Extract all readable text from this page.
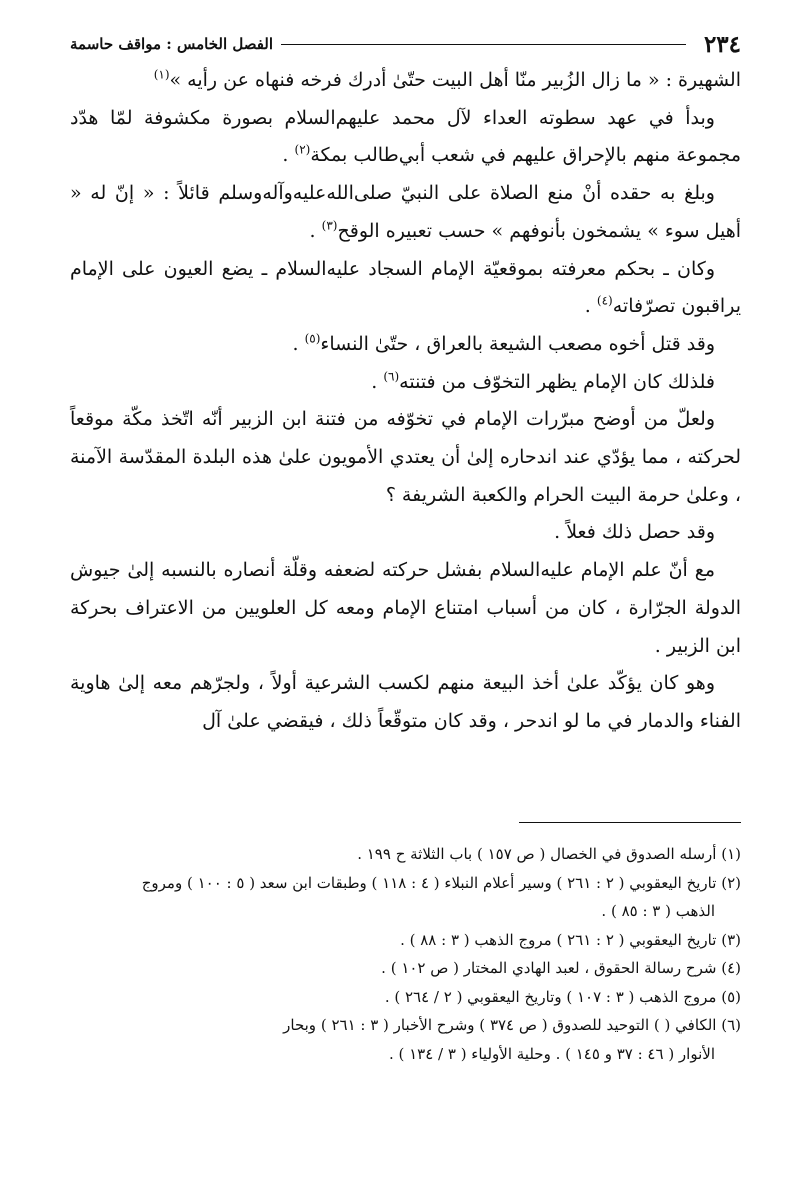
٢٣٤
الفصل الخامس : مواقف حاسمة

الشهيرة : « ما زال الزُبير منّا أهل البيت حتّىٰ أدرك فرخه فنهاه عن رأيه »$^{(١)}$

وبدأ في عهد سطوته العداء لآل محمد عليهم‌السلام بصورة مكشوفة لمّا هدّد مجموعة منهم بالإحراق عليهم في شعب أبي‌طالب بمكة$^{(٢)}$ .

وبلغ به حقده أنْ منع الصلاة على النبيّ صلى‌الله‌عليه‌وآله‌وسلم قائلاً : « إنّ له « أهيل سوء » يشمخون بأنوفهم » حسب تعبيره الوقح$^{(٣)}$ .

وكان ـ بحكم معرفته بموقعيّة الإمام السجاد عليه‌السلام ـ يضع العيون على الإمام يراقبون تصرّفاته$^{(٤)}$ .

وقد قتل أخوه مصعب الشيعة بالعراق ، حتّىٰ النساء$^{(٥)}$ .

فلذلك كان الإمام يظهر التخوّف من فتنته$^{(٦)}$ .

ولعلّ من أوضح مبرّرات الإمام في تخوّفه من فتنة ابن الزبير أنّه اتّخذ مكّة موقعاً لحركته ، مما يؤدّي عند اندحاره إلىٰ أن يعتدي الأمويون علىٰ هذه البلدة المقدّسة الآمنة ، وعلىٰ حرمة البيت الحرام والكعبة الشريفة ؟

وقد حصل ذلك فعلاً .

مع أنّ علم الإمام عليه‌السلام بفشل حركته لضعفه وقلّة أنصاره بالنسبه إلىٰ جيوش الدولة الجرّارة ، كان من أسباب امتناع الإمام ومعه كل العلويين من الاعتراف بحركة ابن الزبير .

وهو كان يؤكّد علىٰ أخذ البيعة منهم لكسب الشرعية أولاً ، ولجرّهم معه إلىٰ هاوية الفناء والدمار في ما لو اندحر ، وقد كان متوقّعاً ذلك ، فيقضي علىٰ آل

(١) أرسله الصدوق في الخصال ( ص ١٥٧ ) باب الثلاثة ح ١٩٩ .

(٢) تاريخ اليعقوبي ( ٢ : ٢٦١ ) وسير أعلام النبلاء ( ٤ : ١١٨ ) وطبقات ابن سعد ( ٥ : ١٠٠ ) ومروج

الذهب ( ٣ : ٨٥ ) .

(٣) تاريخ اليعقوبي ( ٢ : ٢٦١ ) مروج الذهب ( ٣ : ٨٨ ) .

(٤) شرح رسالة الحقوق ، لعبد الهادي المختار ( ص ١٠٢ ) .

(٥) مروج الذهب ( ٣ : ١٠٧ ) وتاريخ اليعقوبي ( ٢ / ٢٦٤ ) .

(٦) الكافي ( ) التوحيد للصدوق ( ص ٣٧٤ ) وشرح الأخبار ( ٣ : ٢٦١ ) وبحار

الأنوار ( ٤٦ : ٣٧ و ١٤٥ ) . وحلية الأولياء ( ٣ / ١٣٤ ) .
